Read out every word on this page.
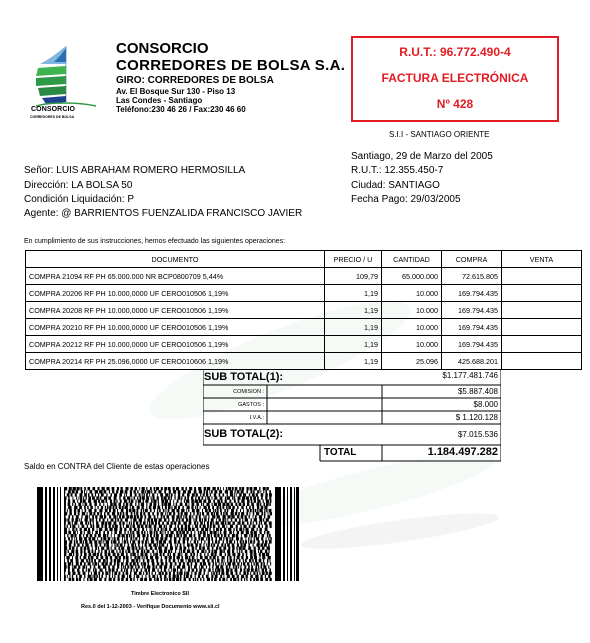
CONSORCIO
CORREDORES DE BOLSA
CONSORCIO
CORREDORES DE BOLSA S.A.
GIRO: CORREDORES DE BOLSA
Av. El Bosque Sur 130 - Piso 13
Las Condes - Santiago
Teléfono:230 46 26 / Fax:230 46 60
R.U.T.: 96.772.490-4
FACTURA ELECTRÓNICA
Nº 428
S.I.I - SANTIAGO ORIENTE
Señor: LUIS ABRAHAM ROMERO HERMOSILLA
Dirección: LA BOLSA 50
Condición Liquidación: P
Agente: @ BARRIENTOS FUENZALIDA FRANCISCO JAVIER
Santiago, 29 de Marzo del 2005
R.U.T.: 12.355.450-7
Ciudad: SANTIAGO
Fecha Pago: 29/03/2005
En cumplimiento de sus instrucciones, hemos efectuado las siguientes operaciones:
DOCUMENTO	PRECIO / U	CANTIDAD	COMPRA	VENTA
COMPRA 21094 RF PH 65.000.000 NR BCP0800709 5,44%	109,79	65.000.000	72.615.805	
COMPRA 20206 RF PH 10.000,0000 UF CERO010506 1,19%	1,19	10.000	169.794.435	
COMPRA 20208 RF PH 10.000,0000 UF CERO010506 1,19%	1,19	10.000	169.794.435	
COMPRA 20210 RF PH 10.000,0000 UF CERO010506 1,19%	1,19	10.000	169.794.435	
COMPRA 20212 RF PH 10.000,0000 UF CERO010506 1,19%	1,19	10.000	169.794.435	
COMPRA 20214 RF PH 25.096,0000 UF CERO010606 1,19%	1,19	25.096	425.688.201	
SUB TOTAL(1):	$1.177.481.746
COMISION :	$5.887.408
GASTOS :	$8.000
I.V.A.:	$ 1.120.128
SUB TOTAL(2):	$7.015.536
TOTAL	1.184.497.282
Saldo en CONTRA del Cliente de estas operaciones
Timbre Electronico SII
Res.0 del 1-12-2003 - Verifique Documento www.sii.cl
